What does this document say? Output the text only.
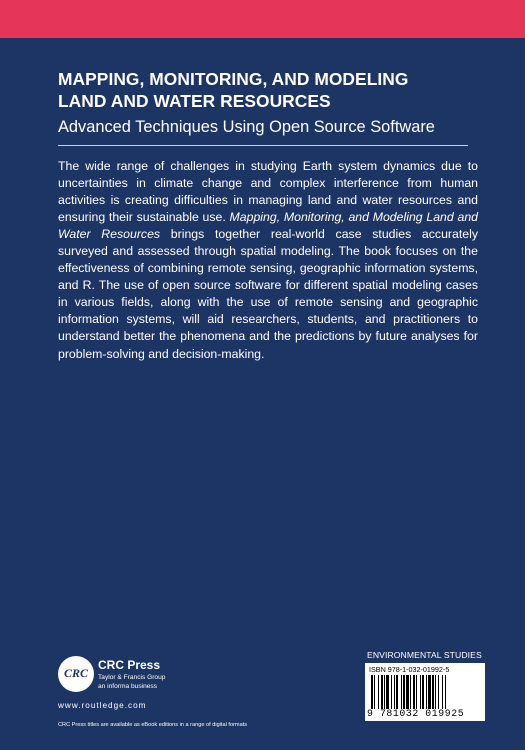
MAPPING, MONITORING, AND MODELING
LAND AND WATER RESOURCES

Advanced Techniques Using Open Source Software

The wide range of challenges in studying Earth system dynamics due to uncertainties in climate change and complex interference from human activities is creating difficulties in managing land and water resources and ensuring their sustainable use. Mapping, Monitoring, and Modeling Land and Water Resources brings together real-world case studies accurately surveyed and assessed through spatial modeling. The book focuses on the effectiveness of combining remote sensing, geographic information systems, and R. The use of open source software for different spatial modeling cases in various fields, along with the use of remote sensing and geographic information systems, will aid researchers, students, and practitioners to understand better the phenomena and the predictions by future analyses for problem-solving and decision-making.

ENVIRONMENTAL STUDIES
ISBN 978-1-032-01992-5
9 781032 019925
CRC
CRC Press
Taylor & Francis Group
an informa business
www.routledge.com
CRC Press titles are available as eBook editions in a range of digital formats
